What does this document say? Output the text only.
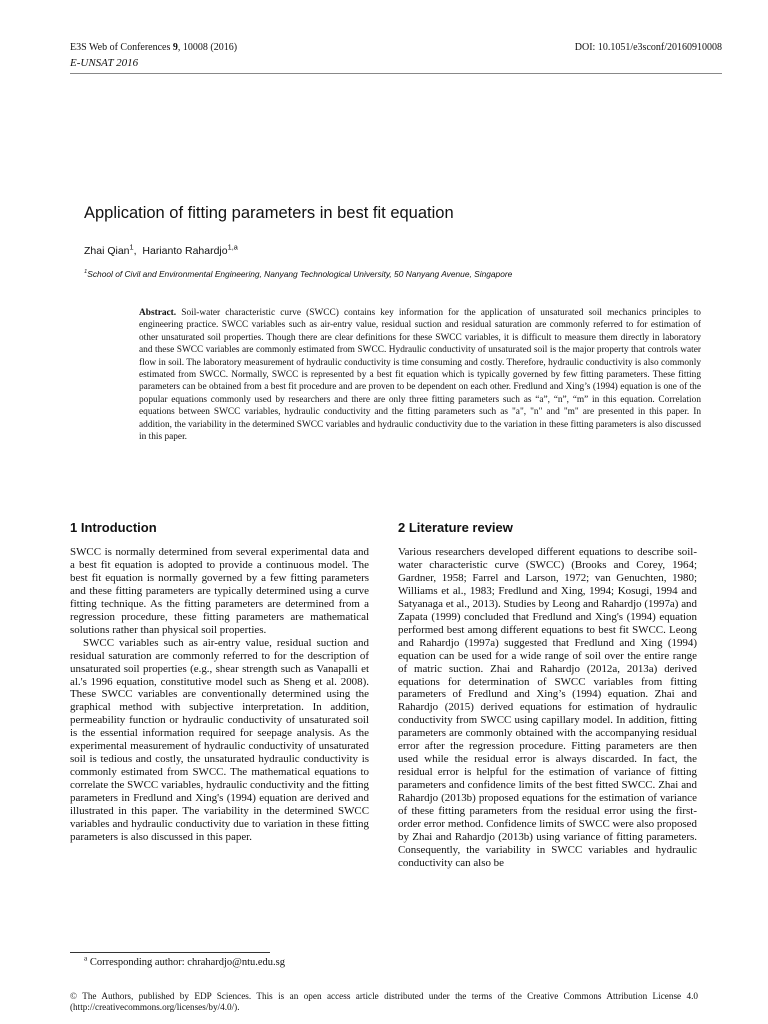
E3S Web of Conferences 9, 10008 (2016)
E-UNSAT 2016
DOI: 10.1051/e3sconf/20160910008
Application of fitting parameters in best fit equation
Zhai Qian$^1$,  Harianto Rahardjo$^{1,a}$
$^1$School of Civil and Environmental Engineering, Nanyang Technological University, 50 Nanyang Avenue, Singapore

Abstract. Soil-water characteristic curve (SWCC) contains key information for the application of unsaturated soil mechanics principles to engineering practice. SWCC variables such as air-entry value, residual suction and residual saturation are commonly referred to for estimation of other unsaturated soil properties. Though there are clear definitions for these SWCC variables, it is difficult to measure them directly in laboratory and these SWCC variables are commonly estimated from SWCC. Hydraulic conductivity of unsaturated soil is the major property that controls water flow in soil. The laboratory measurement of hydraulic conductivity is time consuming and costly. Therefore, hydraulic conductivity is also commonly estimated from SWCC. Normally, SWCC is represented by a best fit equation which is typically governed by few fitting parameters. These fitting parameters can be obtained from a best fit procedure and are proven to be dependent on each other. Fredlund and Xing’s (1994) equation is one of the popular equations commonly used by researchers and there are only three fitting parameters such as “a”, “n”, “m” in this equation. Correlation equations between SWCC variables, hydraulic conductivity and the fitting parameters such as "a", "n" and "m" are presented in this paper. In addition, the variability in the determined SWCC variables and hydraulic conductivity due to the variation in these fitting parameters is also discussed in this paper.

1 Introduction	2 Literature review

SWCC is normally determined from several experimental data and a best fit equation is adopted to provide a continuous model. The best fit equation is normally governed by a few fitting parameters and these fitting parameters are typically determined using a curve fitting technique. As the fitting parameters are determined from a regression procedure, these fitting parameters are mathematical solutions rather than physical soil properties.

SWCC variables such as air-entry value, residual suction and residual saturation are commonly referred to for the description of unsaturated soil properties (e.g., shear strength such as Vanapalli et al.'s 1996 equation, constitutive model such as Sheng et al. 2008). These SWCC variables are conventionally determined using the graphical method with subjective interpretation. In addition, permeability function or hydraulic conductivity of unsaturated soil is the essential information required for seepage analysis. As the experimental measurement of hydraulic conductivity of unsaturated soil is tedious and costly, the unsaturated hydraulic conductivity is commonly estimated from SWCC. The mathematical equations to correlate the SWCC variables, hydraulic conductivity and the fitting parameters in Fredlund and Xing's (1994) equation are derived and illustrated in this paper. The variability in the determined SWCC variables and hydraulic conductivity due to variation in these fitting parameters is also discussed in this paper.

Various researchers developed different equations to describe soil-water characteristic curve (SWCC) (Brooks and Corey, 1964; Gardner, 1958; Farrel and Larson, 1972; van Genuchten, 1980; Williams et al., 1983; Fredlund and Xing, 1994; Kosugi, 1994 and Satyanaga et al., 2013). Studies by Leong and Rahardjo (1997a) and Zapata (1999) concluded that Fredlund and Xing's (1994) equation performed best among different equations to best fit SWCC. Leong and Rahardjo (1997a) suggested that Fredlund and Xing (1994) equation can be used for a wide range of soil over the entire range of matric suction. Zhai and Rahardjo (2012a, 2013a) derived equations for determination of SWCC variables from fitting parameters of Fredlund and Xing’s (1994) equation. Zhai and Rahardjo (2015) derived equations for estimation of hydraulic conductivity from SWCC using capillary model. In addition, fitting parameters are commonly obtained with the accompanying residual error after the regression procedure. Fitting parameters are then used while the residual error is always discarded. In fact, the residual error is helpful for the estimation of variance of fitting parameters and confidence limits of the best fitted SWCC. Zhai and Rahardjo (2013b) proposed equations for the estimation of variance of these fitting parameters from the residual error using the first-order error method. Confidence limits of SWCC were also proposed by Zhai and Rahardjo (2013b) using variance of fitting parameters. Consequently, the variability in SWCC variables and hydraulic conductivity can also be

$^a$ Corresponding author: chrahardjo@ntu.edu.sg
© The Authors, published by EDP Sciences. This is an open access article distributed under the terms of the Creative Commons Attribution License 4.0 (http://creativecommons.org/licenses/by/4.0/).
